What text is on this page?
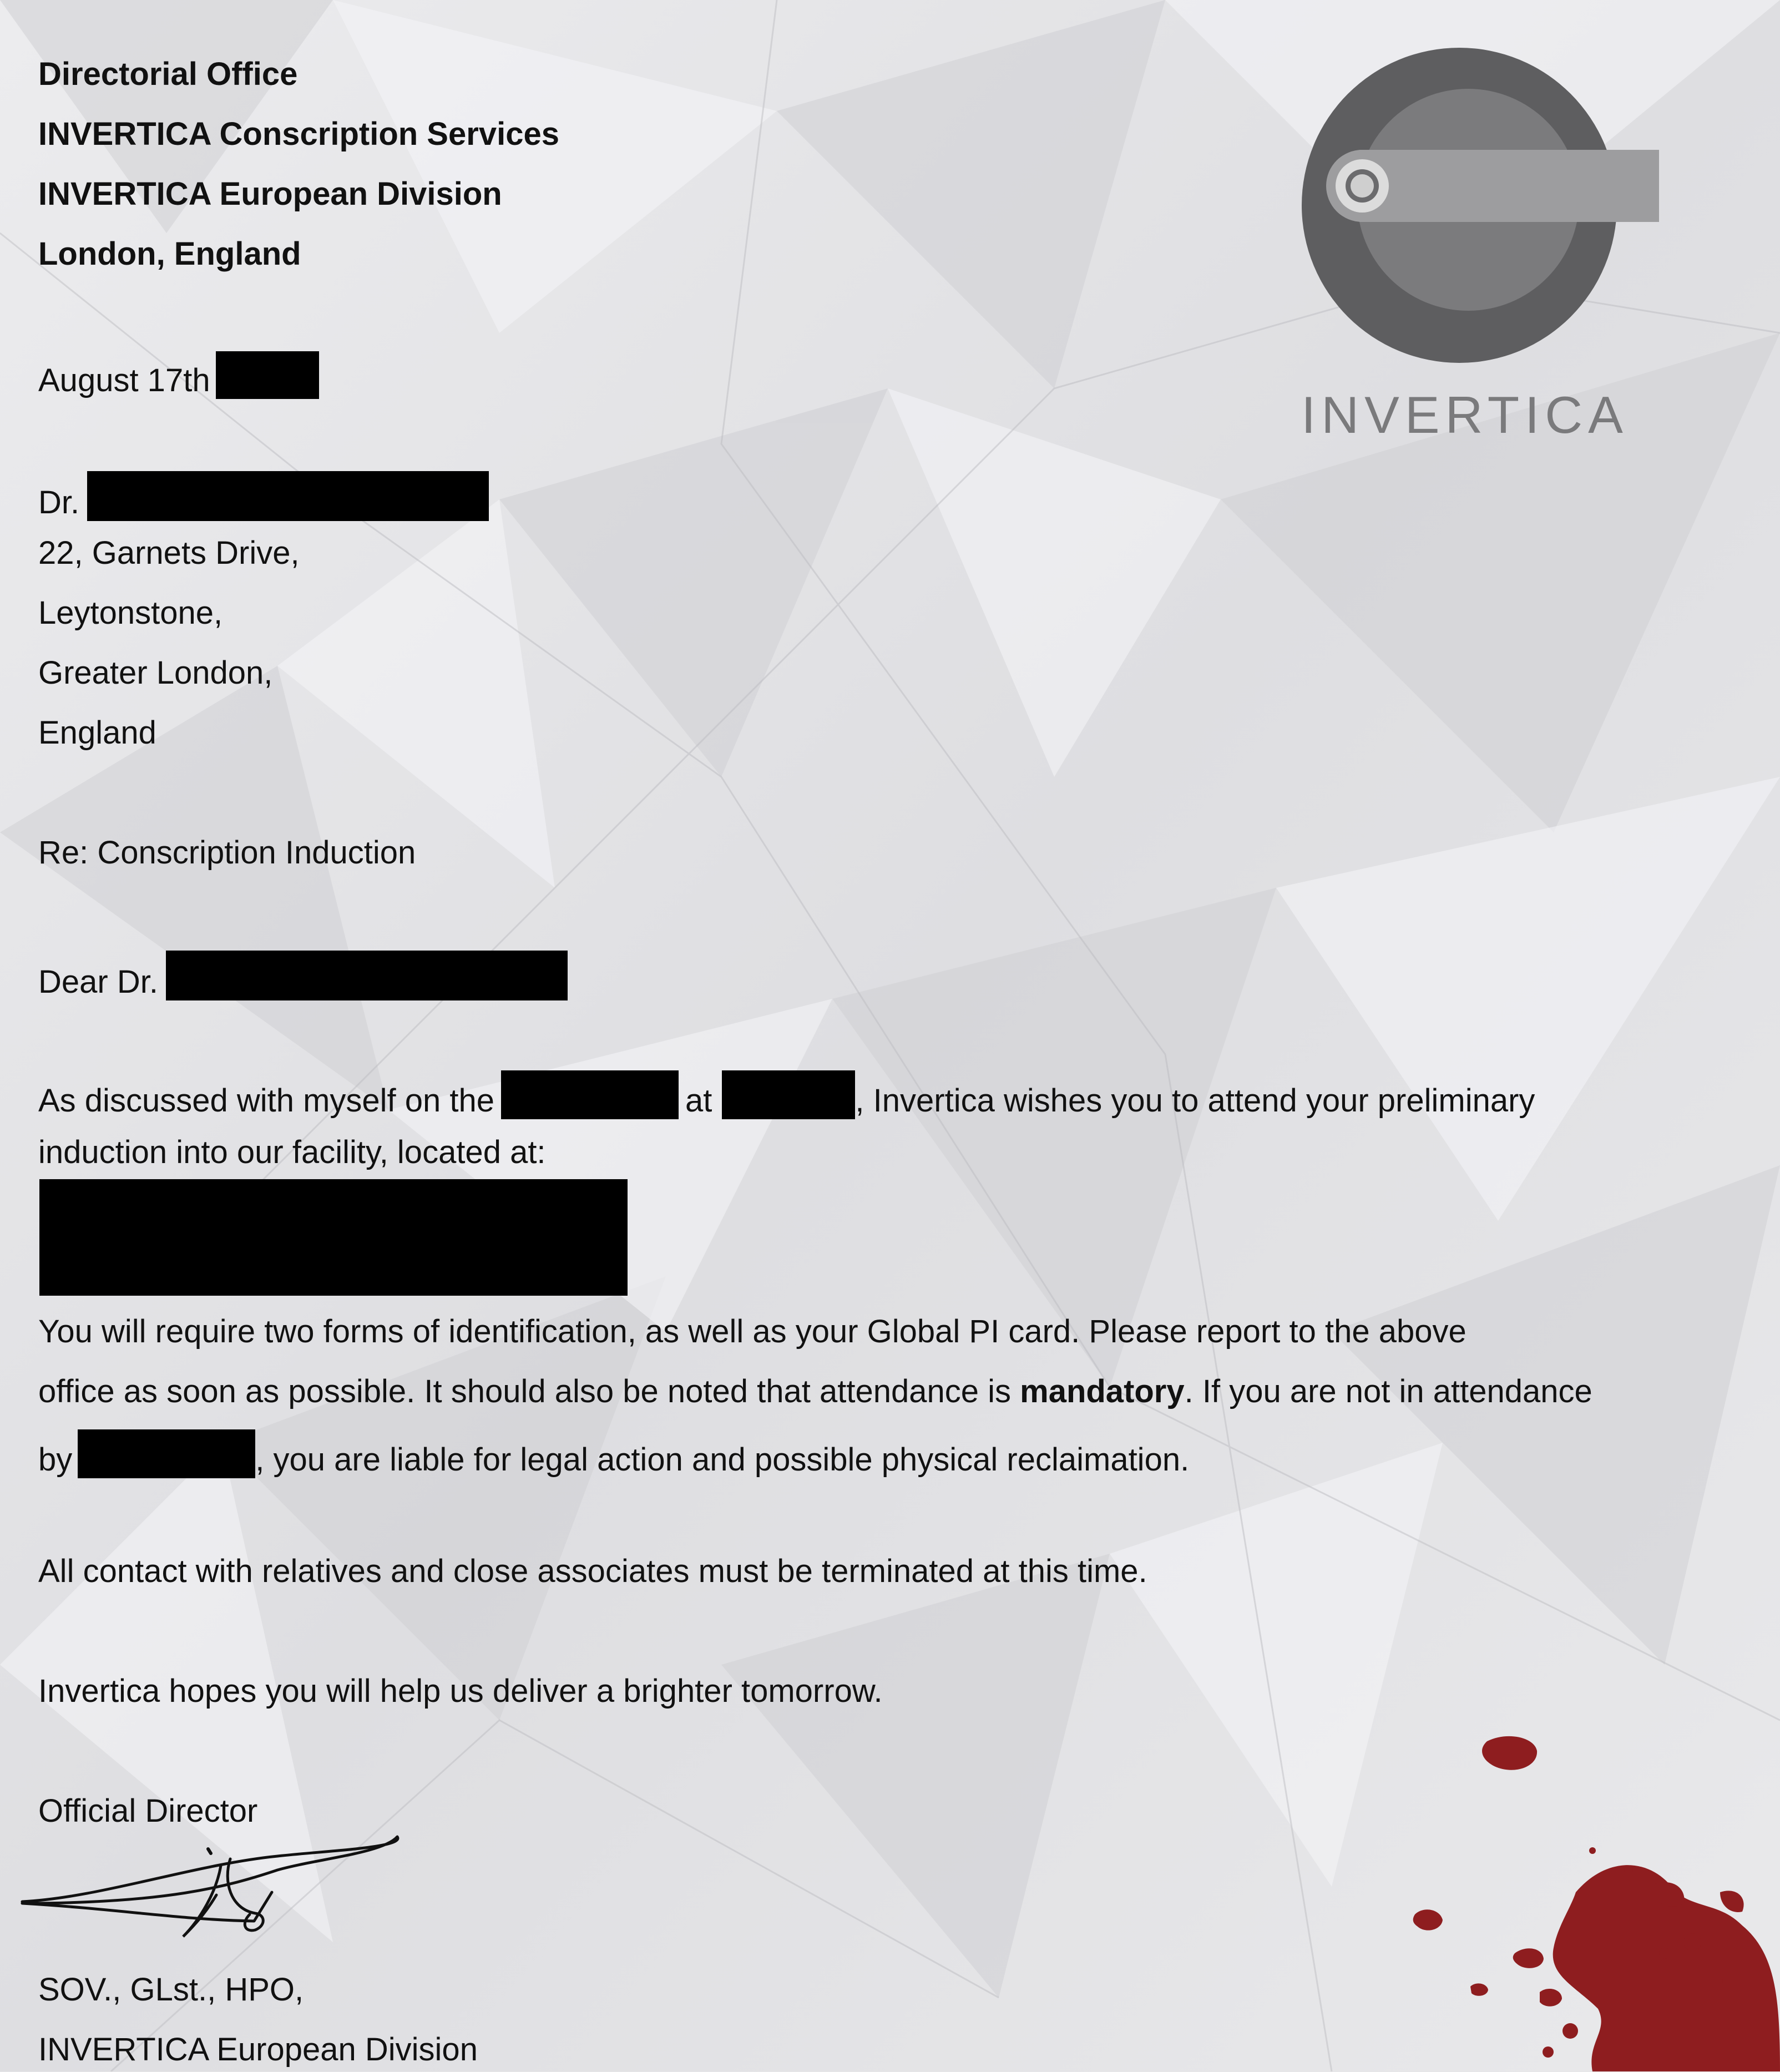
INVERTICA

Directorial Office

INVERTICA Conscription Services

INVERTICA European Division

London, England

August 17th

Dr.

22, Garnets Drive,

Leytonstone,

Greater London,

England

Re: Conscription Induction

Dear Dr.

As discussed with myself on the	at	, Invertica wishes you to attend your preliminary

induction into our facility, located at:

You will require two forms of identification, as well as your Global PI card. Please report to the above

office as soon as possible. It should also be noted that attendance is mandatory. If you are not in attendance

by	, you are liable for legal action and possible physical reclaimation.

All contact with relatives and close associates must be terminated at this time.

Invertica hopes you will help us deliver a brighter tomorrow.

Official Director

SOV., GLst., HPO,

INVERTICA European Division
